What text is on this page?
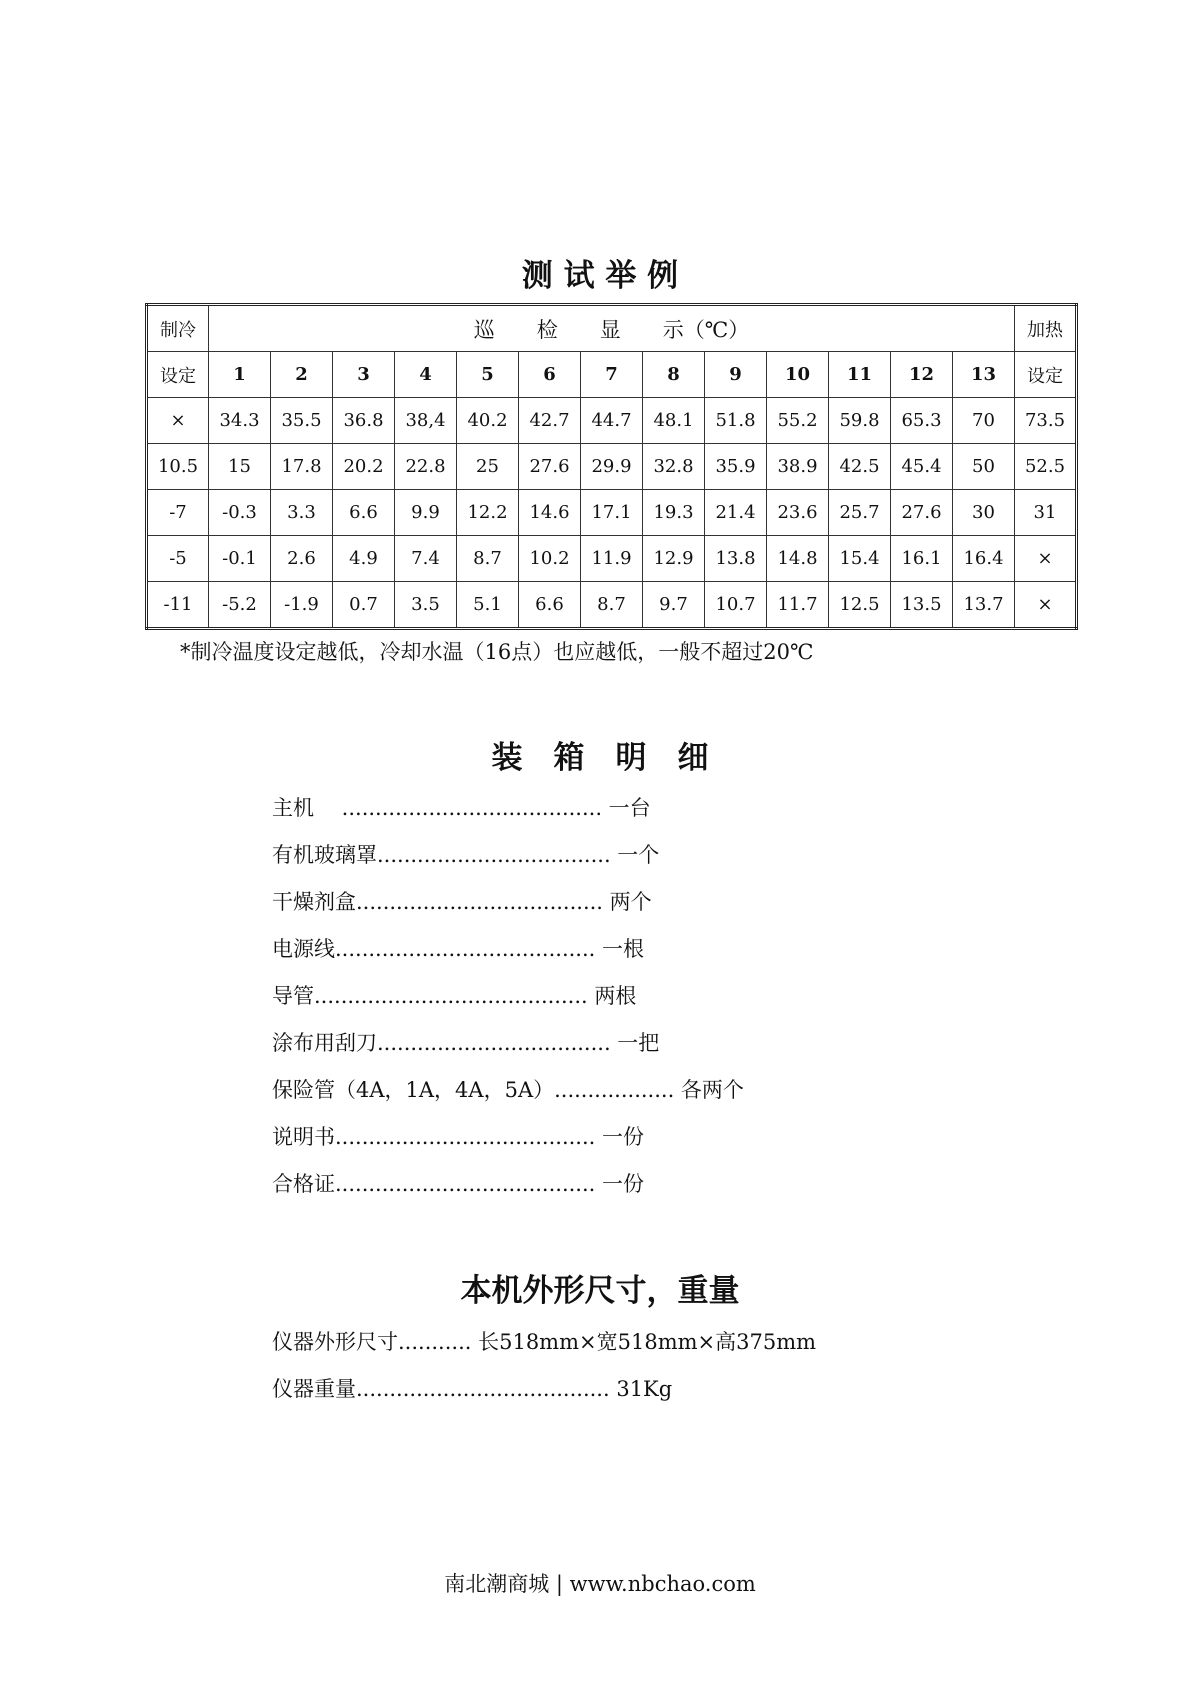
测 试 举 例
制冷	巡　　检　　显　　示（℃）													加热
设定	1	2	3	4	5	6	7	8	9	10	11	12	13	设定
×	34.3	35.5	36.8	38,4	40.2	42.7	44.7	48.1	51.8	55.2	59.8	65.3	70	73.5
10.5	15	17.8	20.2	22.8	25	27.6	29.9	32.8	35.9	38.9	42.5	45.4	50	52.5
-7	-0.3	3.3	6.6	9.9	12.2	14.6	17.1	19.3	21.4	23.6	25.7	27.6	30	31
-5	-0.1	2.6	4.9	7.4	8.7	10.2	11.9	12.9	13.8	14.8	15.4	16.1	16.4	×
-11	-5.2	-1.9	0.7	3.5	5.1	6.6	8.7	9.7	10.7	11.7	12.5	13.5	13.7	×
*制冷温度设定越低，冷却水温（16点）也应越低，一般不超过20℃
装　箱　明　细
主机　 ....................................... 一台
有机玻璃罩................................... 一个
干燥剂盒..................................... 两个
电源线....................................... 一根
导管......................................... 两根
涂布用刮刀................................... 一把
保险管（4A，1A，4A，5A）.................. 各两个
说明书....................................... 一份
合格证....................................... 一份
本机外形尺寸，重量
仪器外形尺寸........... 长518mm×宽518mm×高375mm
仪器重量...................................... 31Kg
南北潮商城 | www.nbchao.com
